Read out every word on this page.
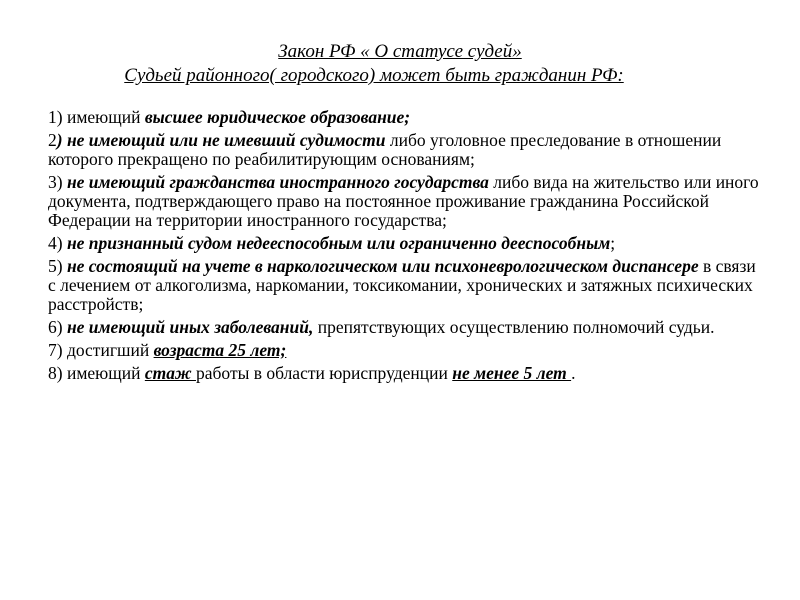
Закон РФ « О статусе судей»

Судьей районного( городского) может быть гражданин РФ:

1) имеющий высшее юридическое образование;

2) не имеющий или не имевший судимости либо уголовное преследование в отношении которого прекращено по реабилитирующим основаниям;

3) не имеющий гражданства иностранного государства либо вида на жительство или иного документа, подтверждающего право на постоянное проживание гражданина Российской Федерации на территории иностранного государства;

4) не признанный судом недееспособным или ограниченно дееспособным;

5) не состоящий на учете в наркологическом или психоневрологическом диспансере в связи с лечением от алкоголизма, наркомании, токсикомании, хронических и затяжных психических расстройств;

6) не имеющий иных заболеваний, препятствующих осуществлению полномочий судьи.

7) достигший возраста 25 лет;

8) имеющий стаж работы в области юриспруденции не менее 5 лет .
